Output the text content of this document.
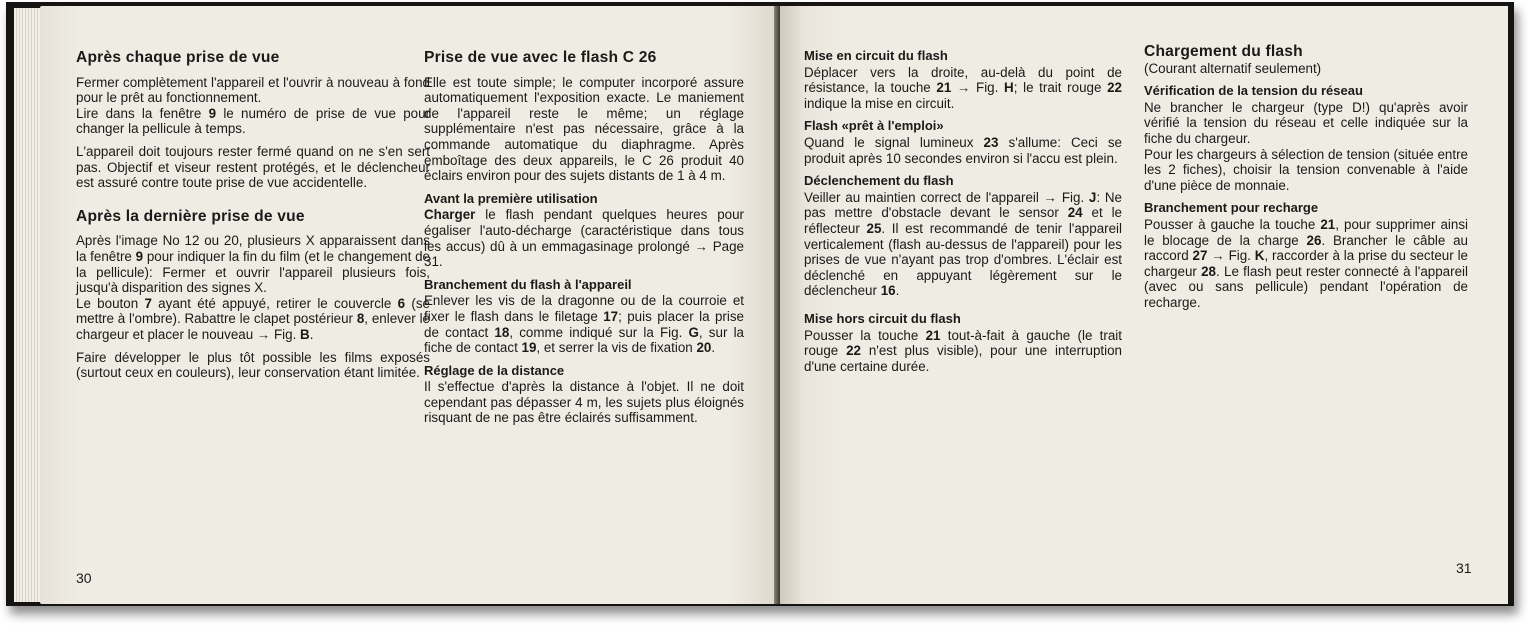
Après chaque prise de vue

Fermer complètement l'appareil et l'ouvrir à nouveau à fond pour le prêt au fonctionnement.

Lire dans la fenêtre 9 le numéro de prise de vue pour changer la pellicule à temps.

L'appareil doit toujours rester fermé quand on ne s'en sert pas. Objectif et viseur restent protégés, et le déclencheur est assuré contre toute prise de vue accidentelle.

Après la dernière prise de vue

Après l'image No 12 ou 20, plusieurs X apparaissent dans la fenêtre 9 pour indiquer la fin du film (et le changement de la pellicule): Fermer et ouvrir l'appareil plusieurs fois, jusqu'à disparition des signes X.

Le bouton 7 ayant été appuyé, retirer le couvercle 6 (se mettre à l'ombre). Rabattre le clapet postérieur 8, enlever le chargeur et placer le nouveau → Fig. B.

Faire développer le plus tôt possible les films exposés (surtout ceux en couleurs), leur conservation étant limitée.

Prise de vue avec le flash C 26

Elle est toute simple; le computer incorporé assure automatiquement l'exposition exacte. Le maniement de l'appareil reste le même; un réglage supplémentaire n'est pas nécessaire, grâce à la commande automatique du diaphragme. Après emboîtage des deux appareils, le C 26 produit 40 éclairs environ pour des sujets distants de 1 à 4 m.

Avant la première utilisation

Charger le flash pendant quelques heures pour égaliser l'auto-décharge (caractéristique dans tous les accus) dû à un emmagasinage prolongé → Page 31.

Branchement du flash à l'appareil

Enlever les vis de la dragonne ou de la courroie et fixer le flash dans le filetage 17; puis placer la prise de contact 18, comme indiqué sur la Fig. G, sur la fiche de contact 19, et serrer la vis de fixation 20.

Réglage de la distance

Il s'effectue d'après la distance à l'objet. Il ne doit cependant pas dépasser 4 m, les sujets plus éloignés risquant de ne pas être éclairés suffisamment.

30
Mise en circuit du flash

Déplacer vers la droite, au-delà du point de résistance, la touche 21 → Fig. H; le trait rouge 22 indique la mise en circuit.

Flash «prêt à l'emploi»

Quand le signal lumineux 23 s'allume: Ceci se produit après 10 secondes environ si l'accu est plein.

Déclenchement du flash

Veiller au maintien correct de l'appareil → Fig. J: Ne pas mettre d'obstacle devant le sensor 24 et le réflecteur 25. Il est recommandé de tenir l'appareil verticalement (flash au-dessus de l'appareil) pour les prises de vue n'ayant pas trop d'ombres. L'éclair est déclenché en appuyant légèrement sur le déclencheur 16.

Mise hors circuit du flash

Pousser la touche 21 tout-à-fait à gauche (le trait rouge 22 n'est plus visible), pour une interruption d'une certaine durée.

Chargement du flash

(Courant alternatif seulement)

Vérification de la tension du réseau

Ne brancher le chargeur (type D!) qu'après avoir vérifié la tension du réseau et celle indiquée sur la fiche du chargeur.

Pour les chargeurs à sélection de tension (située entre les 2 fiches), choisir la tension convenable à l'aide d'une pièce de monnaie.

Branchement pour recharge

Pousser à gauche la touche 21, pour supprimer ainsi le blocage de la charge 26. Brancher le câble au raccord 27 → Fig. K, raccorder à la prise du secteur le chargeur 28. Le flash peut rester connecté à l'appareil (avec ou sans pellicule) pendant l'opération de recharge.

31
